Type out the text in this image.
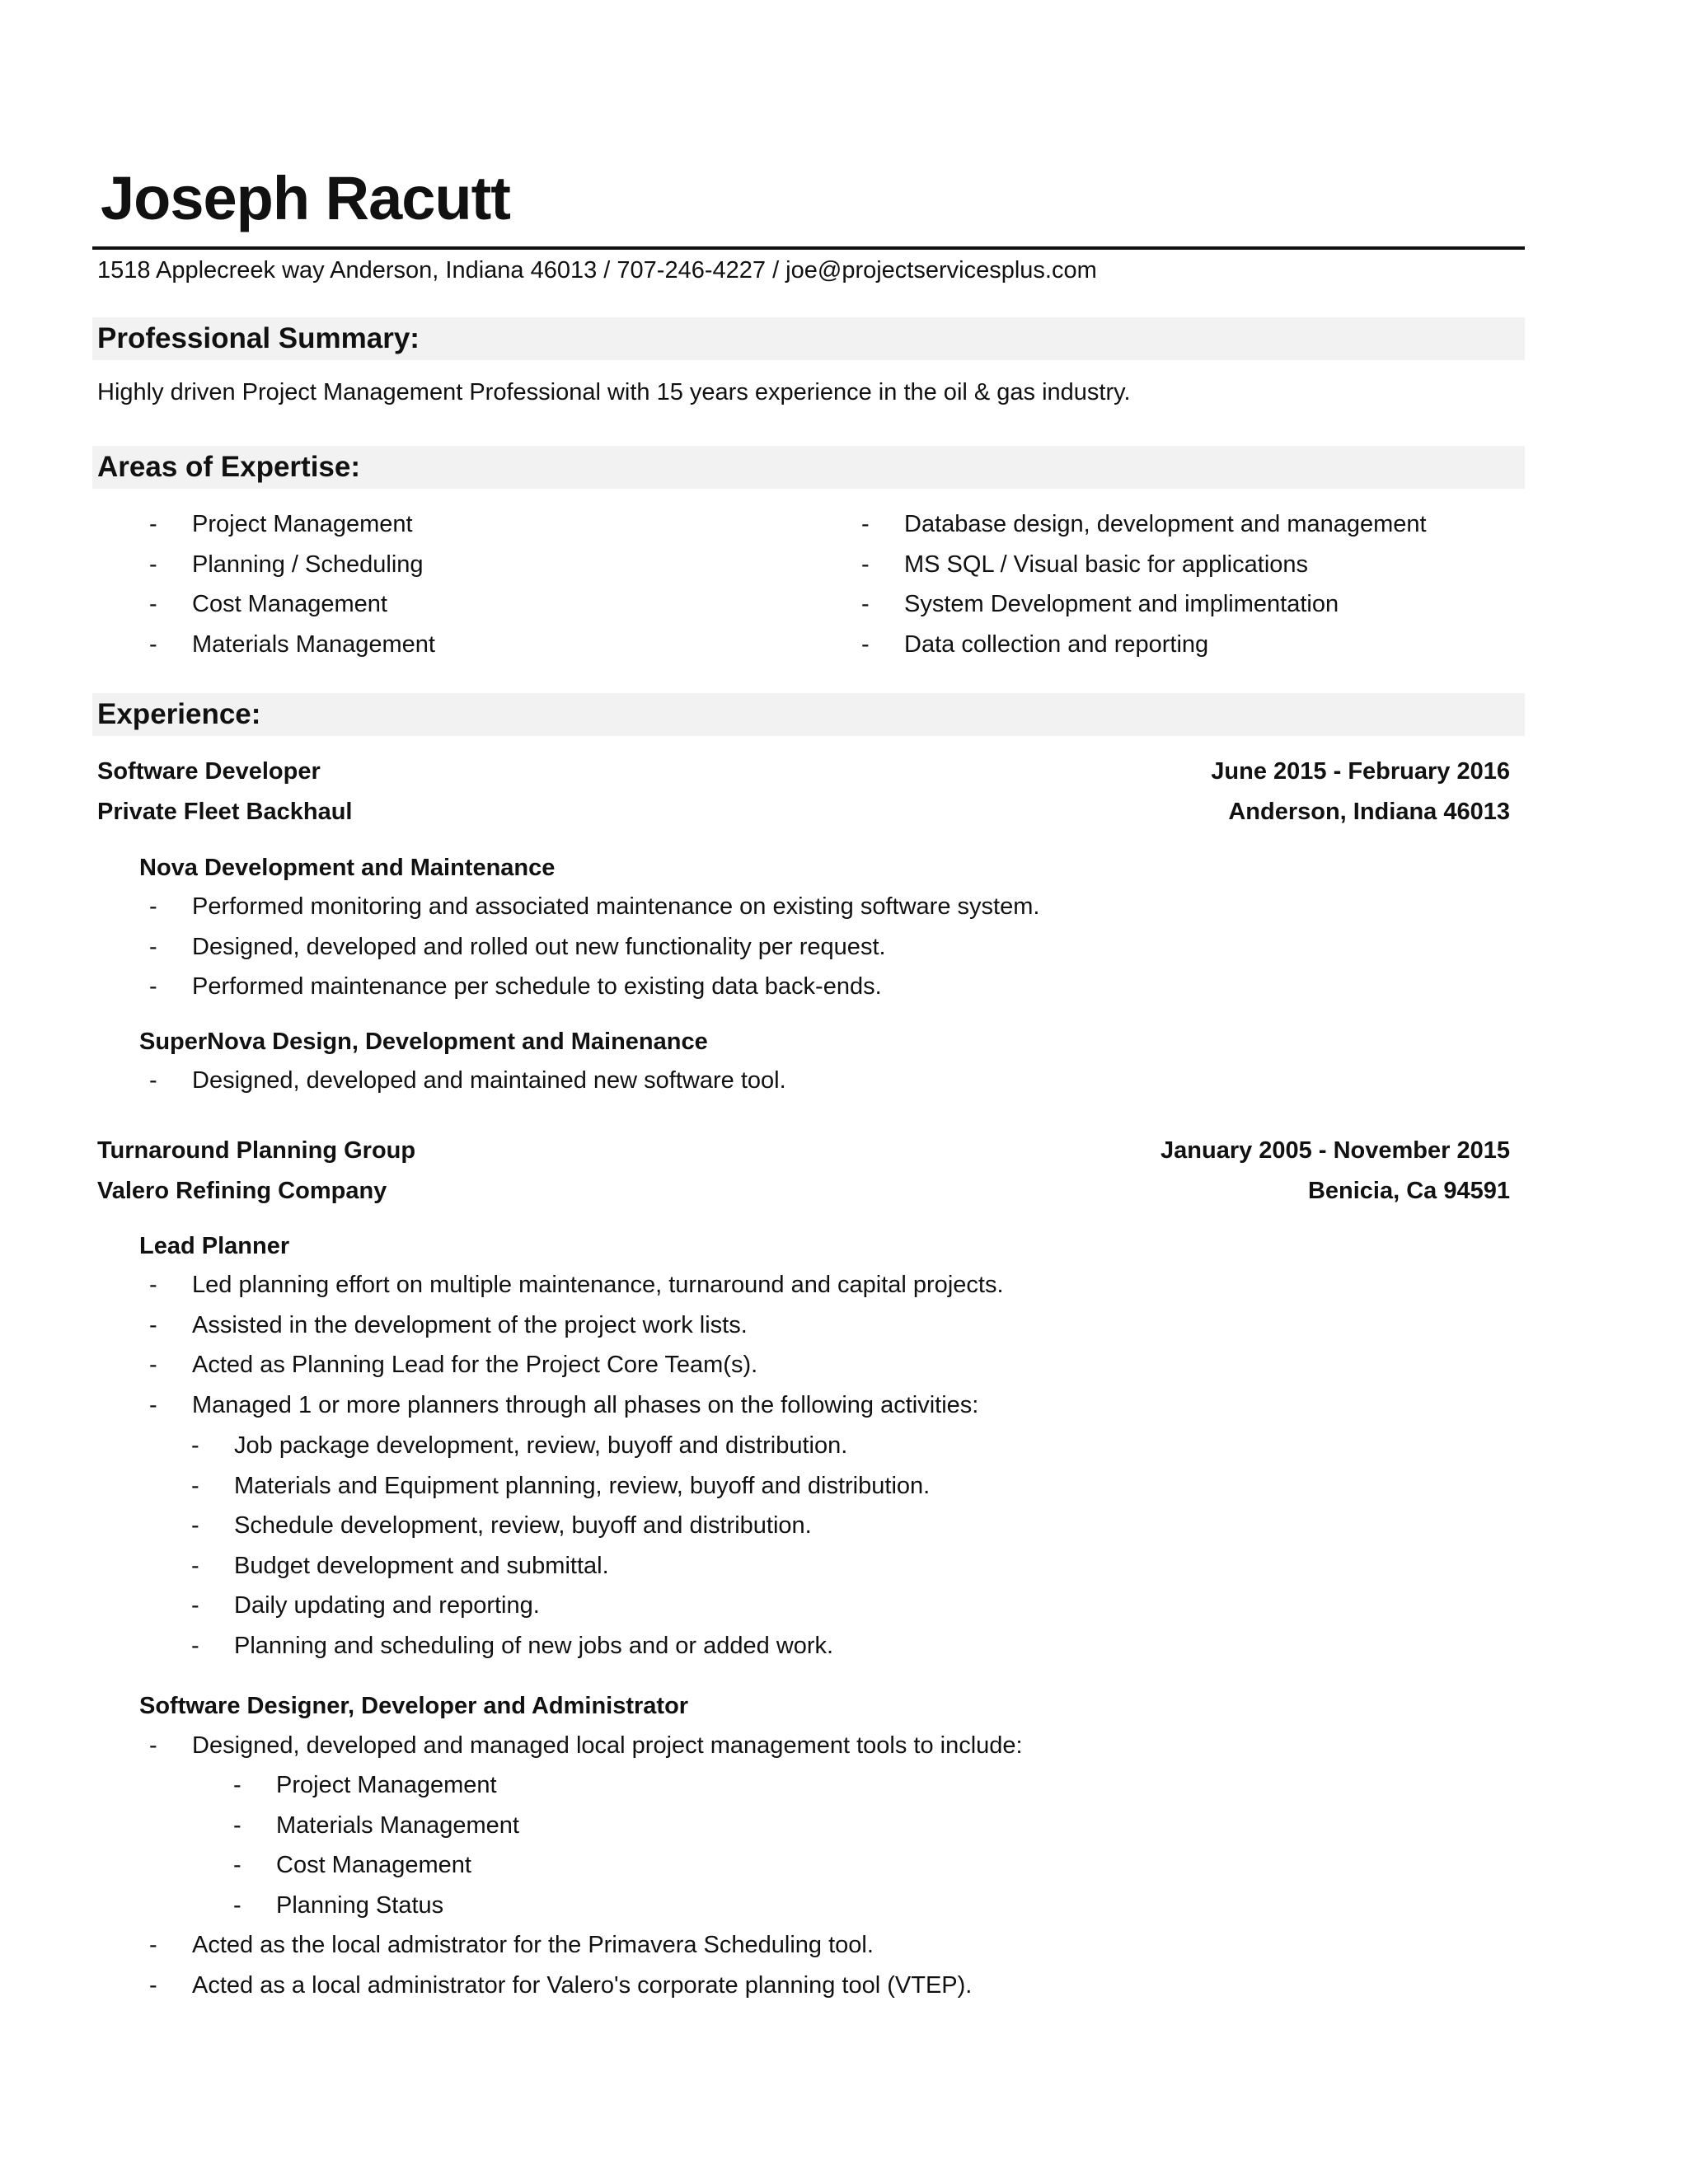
Joseph Racutt
1518 Applecreek way Anderson, Indiana 46013 / 707-246-4227 / joe@projectservicesplus.com
Professional Summary:
Highly driven Project Management Professional with 15 years experience in the oil & gas industry.
Areas of Expertise:
- Project Management
- Planning / Scheduling
- Cost Management
- Materials Management
- Database design, development and management
- MS SQL / Visual basic for applications
- System Development and implimentation
- Data collection and reporting
Experience:
Software Developer	June 2015 - February 2016
Private Fleet Backhaul	Anderson, Indiana 46013
Nova Development and Maintenance
- Performed monitoring and associated maintenance on existing software system.
- Designed, developed and rolled out new functionality per request.
- Performed maintenance per schedule to existing data back-ends.
SuperNova Design, Development and Mainenance
- Designed, developed and maintained new software tool.
Turnaround Planning Group	January 2005 - November 2015
Valero Refining Company	Benicia, Ca 94591
Lead Planner
- Led planning effort on multiple maintenance, turnaround and capital projects.
- Assisted in the development of the project work lists.
- Acted as Planning Lead for the Project Core Team(s).
- Managed 1 or more planners through all phases on the following activities:
- Job package development, review, buyoff and distribution.
- Materials and Equipment planning, review, buyoff and distribution.
- Schedule development, review, buyoff and distribution.
- Budget development and submittal.
- Daily updating and reporting.
- Planning and scheduling of new jobs and or added work.
Software Designer, Developer and Administrator
- Designed, developed and managed local project management tools to include:
- Project Management
- Materials Management
- Cost Management
- Planning Status
- Acted as the local admistrator for the Primavera Scheduling tool.
- Acted as a local administrator for Valero's corporate planning tool (VTEP).
